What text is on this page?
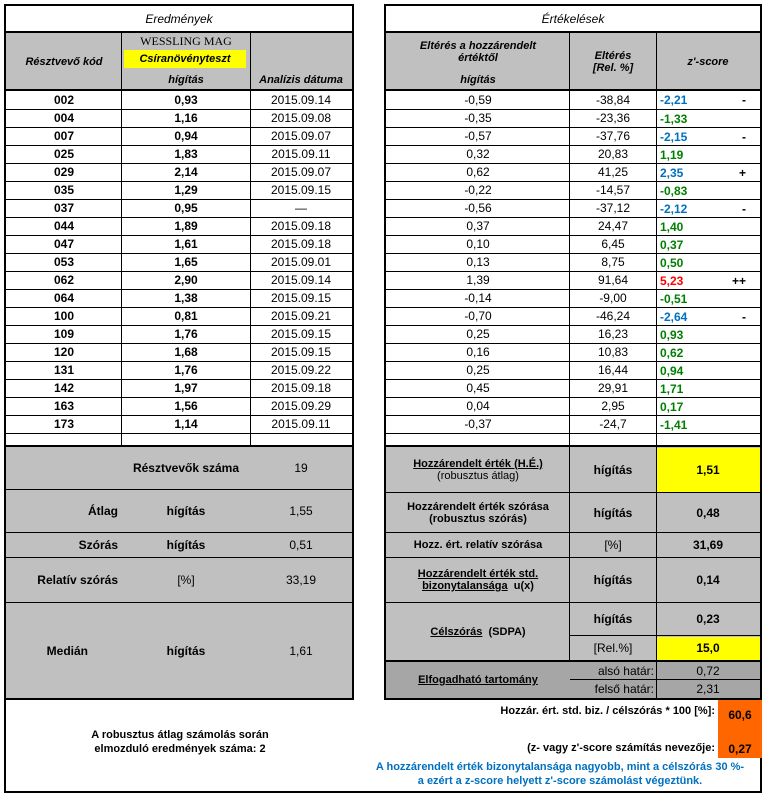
Eredmények
Résztvevő kód
WESSLING MAG
Csíranövényteszt
hígítás	Analízis dátuma
002	0,93	2015.09.14
004	1,16	2015.09.08
007	0,94	2015.09.07
025	1,83	2015.09.11
029	2,14	2015.09.07
035	1,29	2015.09.15
037	0,95	—
044	1,89	2015.09.18
047	1,61	2015.09.18
053	1,65	2015.09.01
062	2,90	2015.09.14
064	1,38	2015.09.15
100	0,81	2015.09.21
109	1,76	2015.09.15
120	1,68	2015.09.15
131	1,76	2015.09.22
142	1,97	2015.09.18
163	1,56	2015.09.29
173	1,14	2015.09.11
Résztvevők száma	19
Átlag	hígítás	1,55
Szórás	hígítás	0,51
Relatív szórás	[%]	33,19
Medián	hígítás	1,61
Értékelések
Eltérés a hozzárendelt értéktől
hígítás
Eltérés [Rel. %]	z'-score
-0,59	-38,84	-2,21 -

-0,35	-23,36	-1,33

-0,57	-37,76	-2,15 -

0,32	20,83	1,19

0,62	41,25	2,35 +

-0,22	-14,57	-0,83

-0,56	-37,12	-2,12 -

0,37	24,47	1,40

0,10	6,45	0,37

0,13	8,75	0,50

1,39	91,64	5,23 ++

-0,14	-9,00	-0,51

-0,70	-46,24	-2,64 -

0,25	16,23	0,93

0,16	10,83	0,62

0,25	16,44	0,94

0,45	29,91	1,71

0,04	2,95	0,17

-0,37	-24,7	-1,41
Hozzárendelt érték (H.É.)
(robusztus átlag)	hígítás	1,51
Hozzárendelt érték szórása
(robusztus szórás)	hígítás	0,48
Hozz. ért. relatív szórása	[%]	31,69
Hozzárendelt érték std.
bizonytalansága u(x)	hígítás	0,14
Célszórás
(SDPA)
hígítás	0,23
[Rel.%]	15,0
Elfogadható tartomány
alsó határ:	0,72
felső határ:	2,31
A robusztus átlag számolás során
elmozduló eredmények száma: 2
Hozzár. ért. std. biz. / célszórás * 100 [%]:	60,6
(z- vagy z'-score számítás nevezője:	0,27
A hozzárendelt érték bizonytalansága nagyobb, mint a célszórás 30 %-
a ezért a z-score helyett z'-score számolást végeztünk.
